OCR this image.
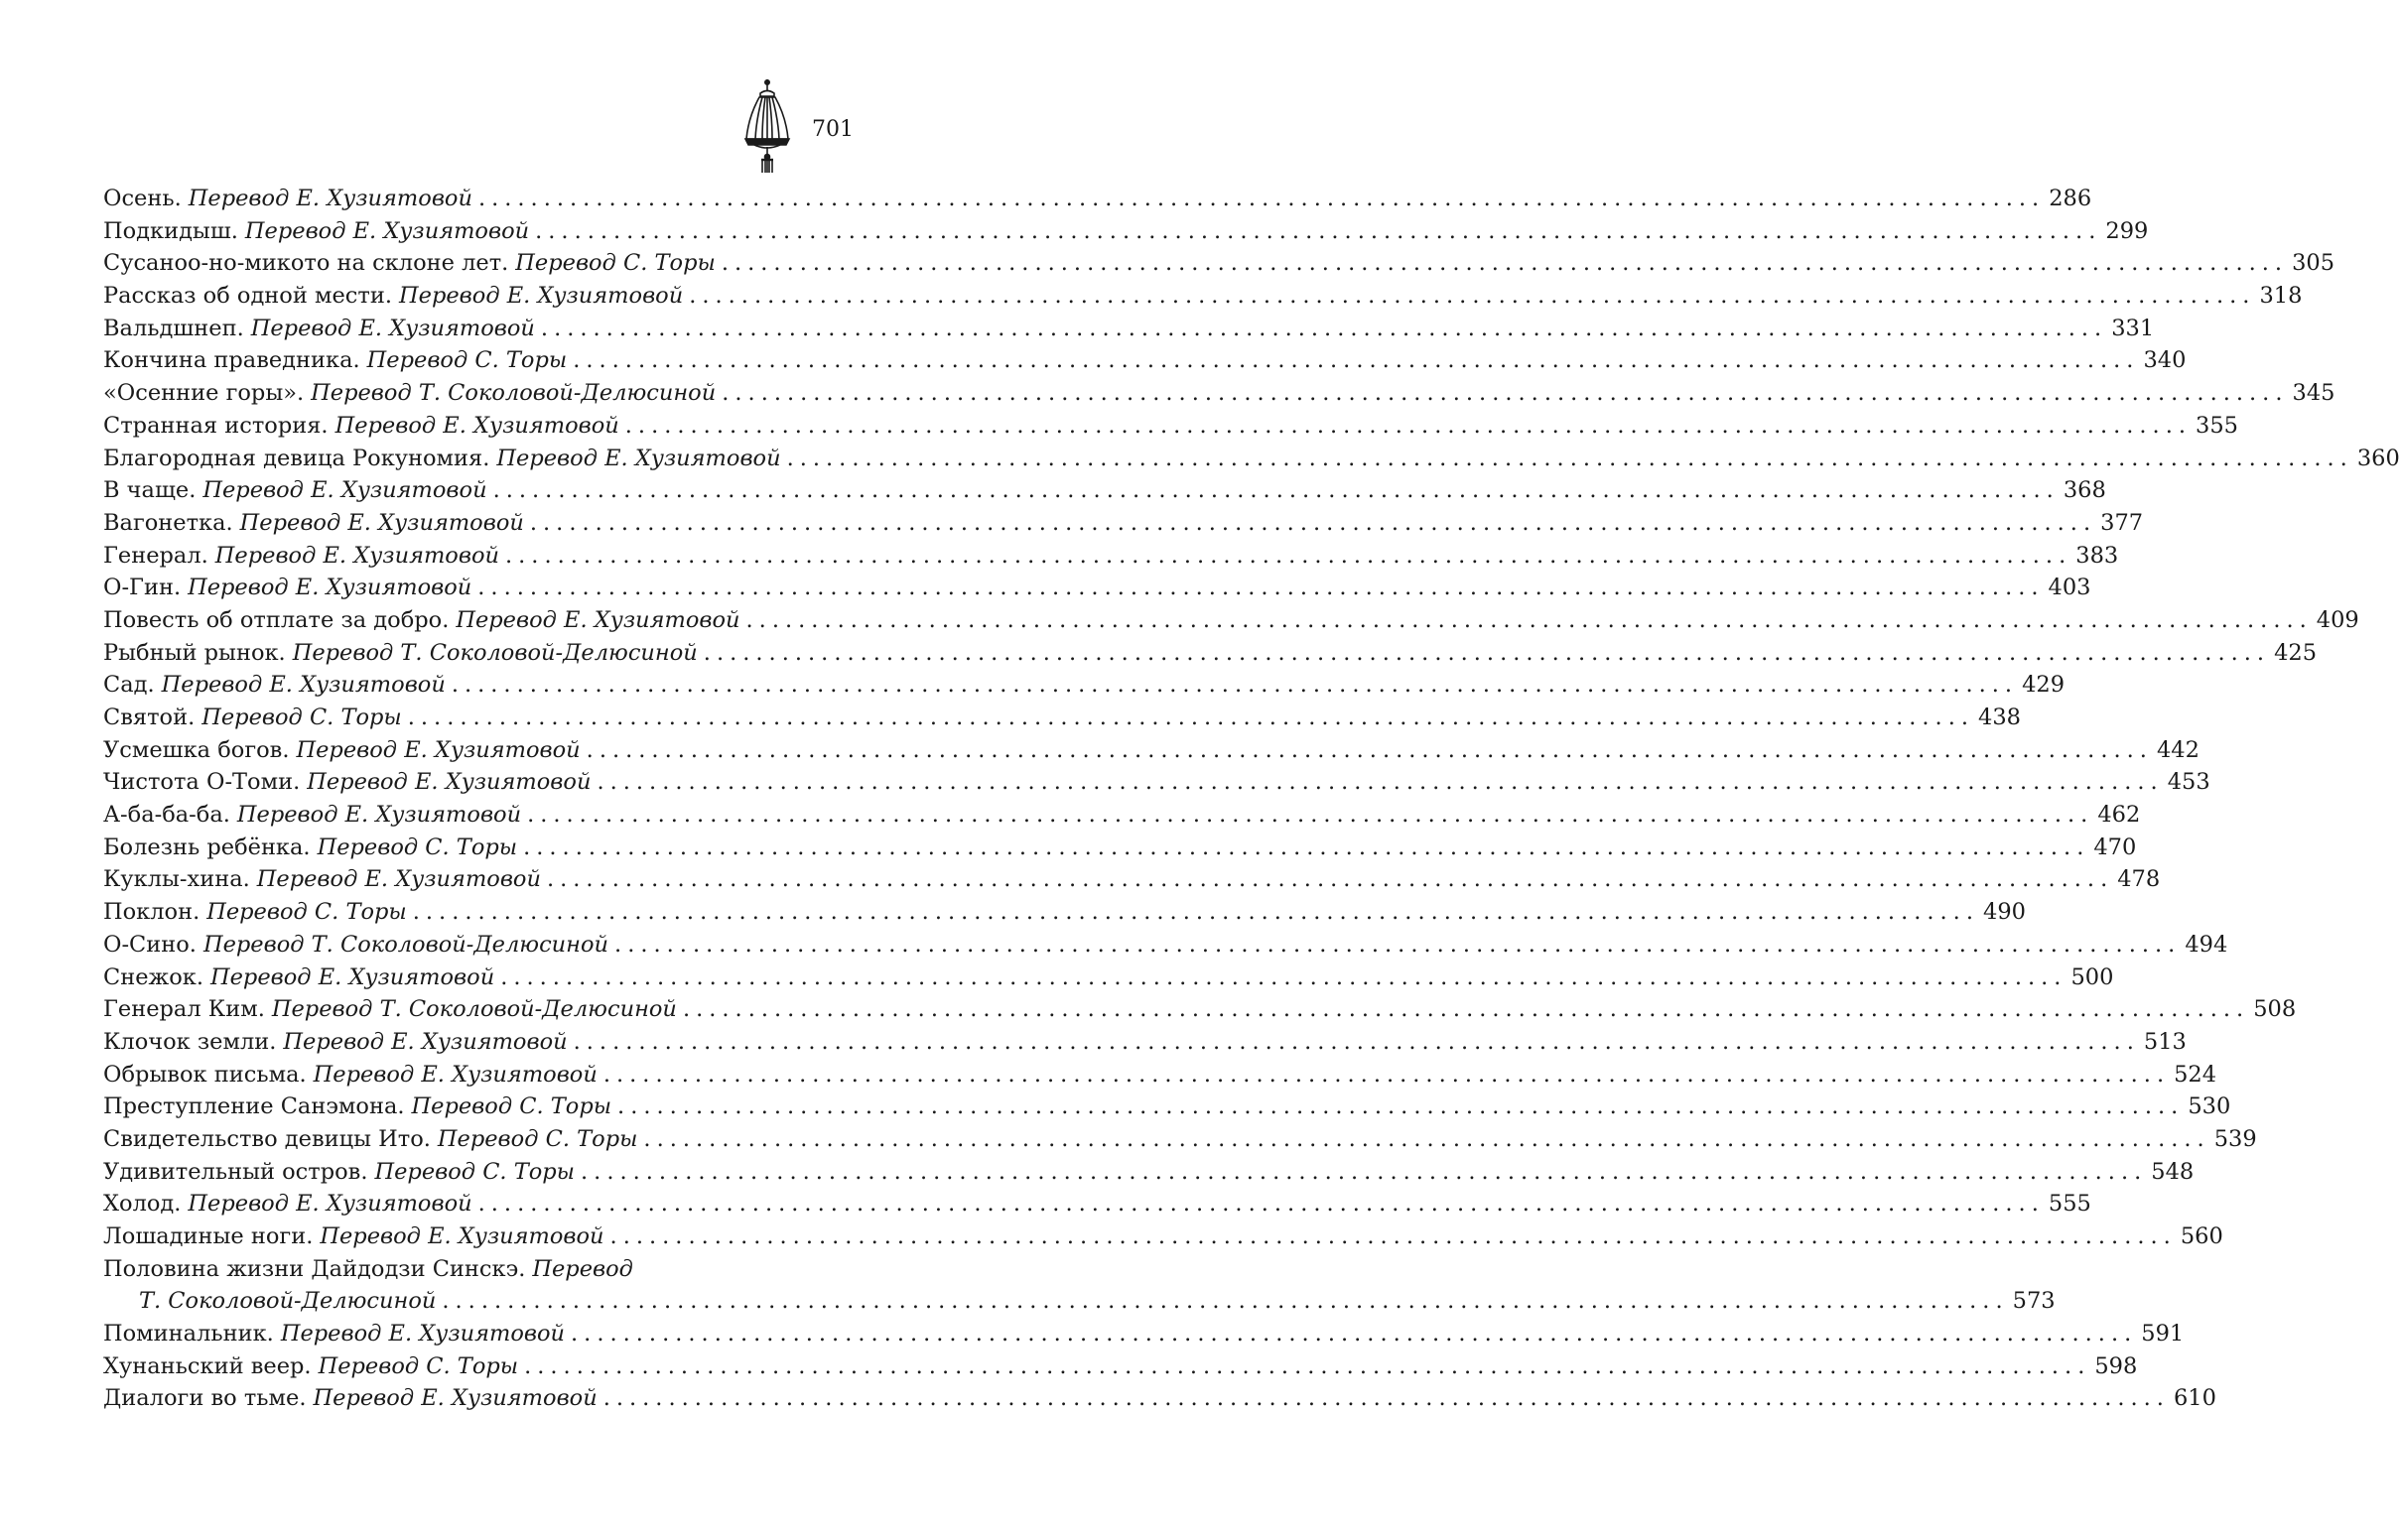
701
Осень. Перевод Е. Хузиятовой ........................................................................................................................ 286
Подкидыш. Перевод Е. Хузиятовой ........................................................................................................................ 299
Сусаноо-но-микото на склоне лет. Перевод С. Торы ........................................................................................................................ 305
Рассказ об одной мести. Перевод Е. Хузиятовой ........................................................................................................................ 318
Вальдшнеп. Перевод Е. Хузиятовой ........................................................................................................................ 331
Кончина праведника. Перевод С. Торы ........................................................................................................................ 340
«Осенние горы». Перевод Т. Соколовой-Делюсиной ........................................................................................................................ 345
Странная история. Перевод Е. Хузиятовой ........................................................................................................................ 355
Благородная девица Рокуномия. Перевод Е. Хузиятовой ........................................................................................................................ 360
В чаще. Перевод Е. Хузиятовой ........................................................................................................................ 368
Вагонетка. Перевод Е. Хузиятовой ........................................................................................................................ 377
Генерал. Перевод Е. Хузиятовой ........................................................................................................................ 383
О-Гин. Перевод Е. Хузиятовой ........................................................................................................................ 403
Повесть об отплате за добро. Перевод Е. Хузиятовой ........................................................................................................................ 409
Рыбный рынок. Перевод Т. Соколовой-Делюсиной ........................................................................................................................ 425
Сад. Перевод Е. Хузиятовой ........................................................................................................................ 429
Святой. Перевод С. Торы ........................................................................................................................ 438
Усмешка богов. Перевод Е. Хузиятовой ........................................................................................................................ 442
Чистота О-Томи. Перевод Е. Хузиятовой ........................................................................................................................ 453
А-ба-ба-ба. Перевод Е. Хузиятовой ........................................................................................................................ 462
Болезнь ребёнка. Перевод С. Торы ........................................................................................................................ 470
Куклы-хина. Перевод Е. Хузиятовой ........................................................................................................................ 478
Поклон. Перевод С. Торы ........................................................................................................................ 490
О-Сино. Перевод Т. Соколовой-Делюсиной ........................................................................................................................ 494
Снежок. Перевод Е. Хузиятовой ........................................................................................................................ 500
Генерал Ким. Перевод Т. Соколовой-Делюсиной ........................................................................................................................ 508
Клочок земли. Перевод Е. Хузиятовой ........................................................................................................................ 513
Обрывок письма. Перевод Е. Хузиятовой ........................................................................................................................ 524
Преступление Санэмона. Перевод С. Торы ........................................................................................................................ 530
Свидетельство девицы Ито. Перевод С. Торы ........................................................................................................................ 539
Удивительный остров. Перевод С. Торы ........................................................................................................................ 548
Холод. Перевод Е. Хузиятовой ........................................................................................................................ 555
Лошадиные ноги. Перевод Е. Хузиятовой ........................................................................................................................ 560
Половина жизни Дайдодзи Синскэ. Перевод
Т. Соколовой-Делюсиной ........................................................................................................................ 573
Поминальник. Перевод Е. Хузиятовой ........................................................................................................................ 591
Хунаньский веер. Перевод С. Торы ........................................................................................................................ 598
Диалоги во тьме. Перевод Е. Хузиятовой ........................................................................................................................ 610
